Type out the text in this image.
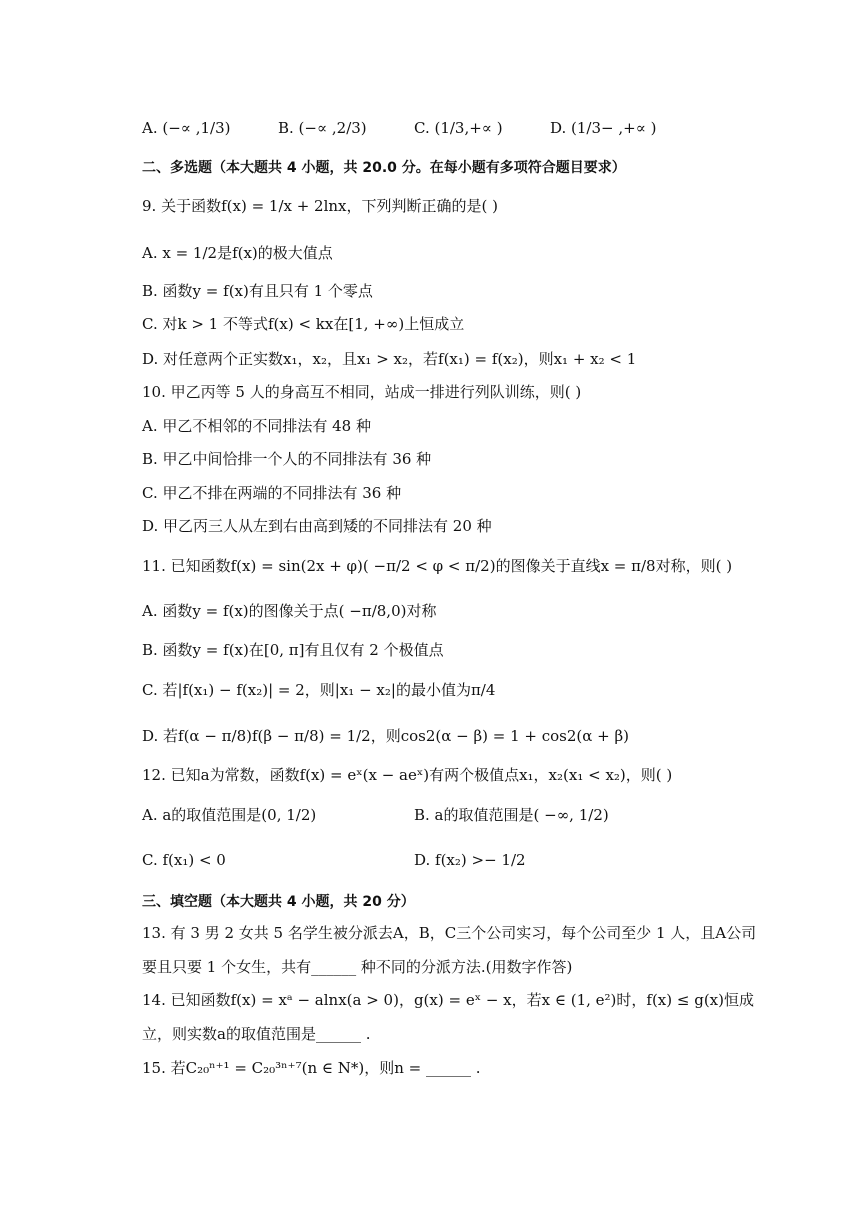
A. (−∝ ,1/3)	B. (−∝ ,2/3)	C. (1/3,+∝ )	D. (1/3− ,+∝ )
二、多选题（本大题共 4 小题，共 20.0 分。在每小题有多项符合题目要求）
9. 关于函数f(x) = 1/x + 2lnx，下列判断正确的是( )
A. x = 1/2是f(x)的极大值点
B. 函数y = f(x)有且只有 1 个零点
C. 对k > 1 不等式f(x) < kx在[1, +∞)上恒成立
D. 对任意两个正实数x₁，x₂，且x₁ > x₂，若f(x₁) = f(x₂)，则x₁ + x₂ < 1
10. 甲乙丙等 5 人的身高互不相同，站成一排进行列队训练，则( )
A. 甲乙不相邻的不同排法有 48 种
B. 甲乙中间恰排一个人的不同排法有 36 种
C. 甲乙不排在两端的不同排法有 36 种
D. 甲乙丙三人从左到右由高到矮的不同排法有 20 种
11. 已知函数f(x) = sin(2x + φ)( −π/2 < φ < π/2)的图像关于直线x = π/8对称，则( )
A. 函数y = f(x)的图像关于点( −π/8,0)对称
B. 函数y = f(x)在[0, π]有且仅有 2 个极值点
C. 若|f(x₁) − f(x₂)| = 2，则|x₁ − x₂|的最小值为π/4
D. 若f(α − π/8)f(β − π/8) = 1/2，则cos2(α − β) = 1 + cos2(α + β)
12. 已知a为常数，函数f(x) = eˣ(x − aeˣ)有两个极值点x₁，x₂(x₁ < x₂)，则( )
A. a的取值范围是(0, 1/2)	B. a的取值范围是( −∞, 1/2)
C. f(x₁) < 0	D. f(x₂) >− 1/2
三、填空题（本大题共 4 小题，共 20 分）
13. 有 3 男 2 女共 5 名学生被分派去A，B，C三个公司实习，每个公司至少 1 人，且A公司
要且只要 1 个女生，共有______ 种不同的分派方法.(用数字作答)
14. 已知函数f(x) = xᵃ − alnx(a > 0)，g(x) = eˣ − x，若x ∈ (1, e²)时，f(x) ≤ g(x)恒成
立，则实数a的取值范围是______ .
15. 若C₂₀ⁿ⁺¹ = C₂₀³ⁿ⁺⁷(n ∈ N*)，则n = ______ .
